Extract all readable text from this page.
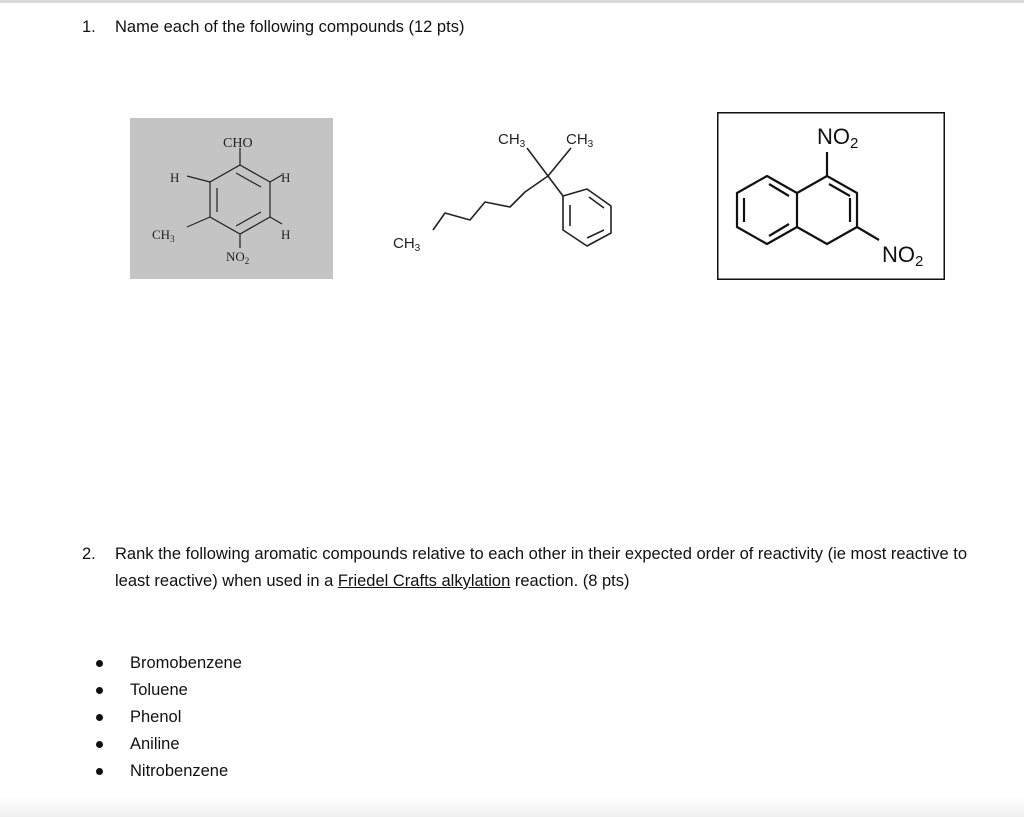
1. Name each of the following compounds (12 pts)
CHO
H	H
$CH_3$	H
$NO_2$
$CH_3$	$CH_3$
$CH_3$
NO2
NO2
2. Rank the following aromatic compounds relative to each other in their expected order of reactivity (ie most reactive to least reactive) when used in a Friedel Crafts alkylation reaction. (8 pts)
Bromobenzene
Toluene
Phenol
Aniline
Nitrobenzene
